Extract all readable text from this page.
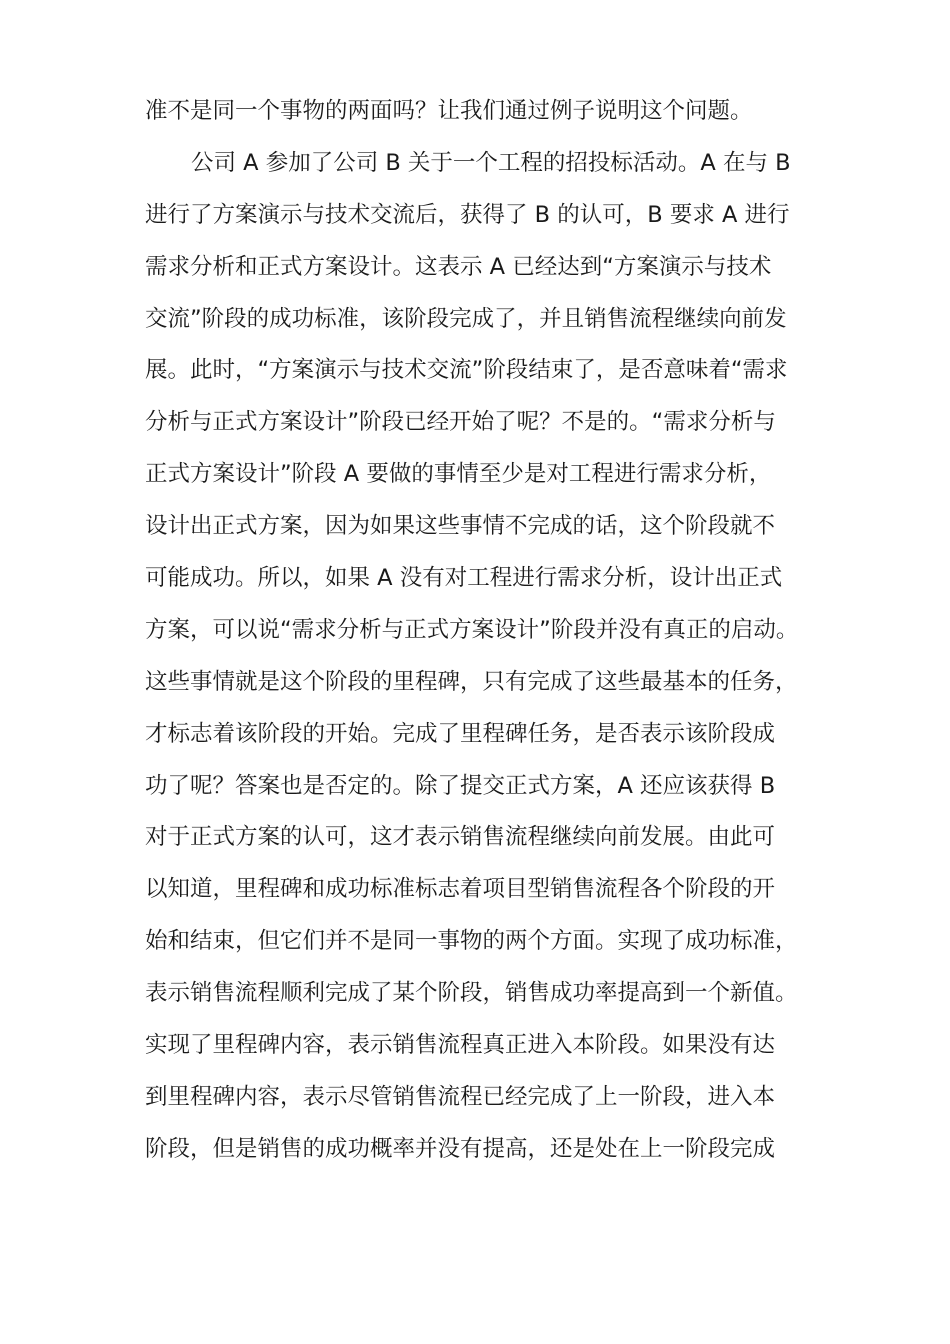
准不是同一个事物的两面吗？让我们通过例子说明这个问题。
公司 A 参加了公司 B 关于一个工程的招投标活动。A 在与 B
进行了方案演示与技术交流后，获得了 B 的认可，B 要求 A 进行
需求分析和正式方案设计。这表示 A 已经达到“方案演示与技术
交流”阶段的成功标准，该阶段完成了，并且销售流程继续向前发
展。此时，“方案演示与技术交流”阶段结束了，是否意味着“需求
分析与正式方案设计”阶段已经开始了呢？不是的。“需求分析与
正式方案设计”阶段 A 要做的事情至少是对工程进行需求分析，
设计出正式方案，因为如果这些事情不完成的话，这个阶段就不
可能成功。所以，如果 A 没有对工程进行需求分析，设计出正式
方案，可以说“需求分析与正式方案设计”阶段并没有真正的启动。
这些事情就是这个阶段的里程碑，只有完成了这些最基本的任务，
才标志着该阶段的开始。完成了里程碑任务，是否表示该阶段成
功了呢？答案也是否定的。除了提交正式方案，A 还应该获得 B
对于正式方案的认可，这才表示销售流程继续向前发展。由此可
以知道，里程碑和成功标准标志着项目型销售流程各个阶段的开
始和结束，但它们并不是同一事物的两个方面。实现了成功标准，
表示销售流程顺利完成了某个阶段，销售成功率提高到一个新值。
实现了里程碑内容，表示销售流程真正进入本阶段。如果没有达
到里程碑内容，表示尽管销售流程已经完成了上一阶段，进入本
阶段，但是销售的成功概率并没有提高，还是处在上一阶段完成
